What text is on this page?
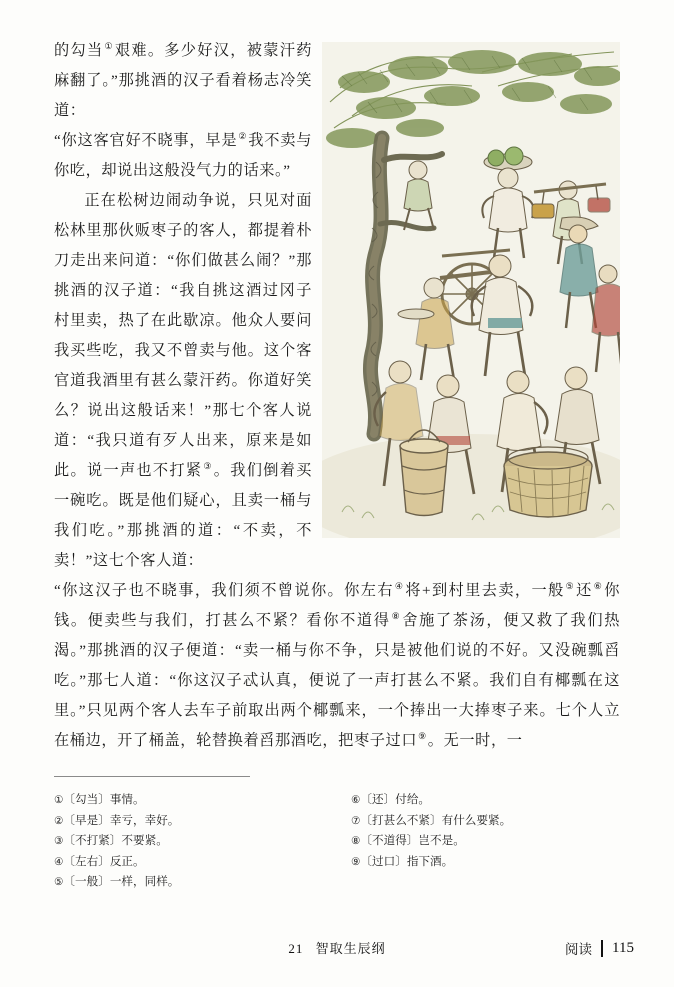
的勾当①艰难。多少好汉，被蒙汗药麻翻了。”那挑酒的汉子看着杨志冷笑道：

“你这客官好不晓事，早是②我不卖与你吃，却说出这般没气力的话来。”

正在松树边闹动争说，只见对面松林里那伙贩枣子的客人，都提着朴刀走出来问道：“你们做甚么闹？”那挑酒的汉子道：“我自挑这酒过冈子村里卖，热了在此歇凉。他众人要问我买些吃，我又不曾卖与他。这个客官道我酒里有甚么蒙汗药。你道好笑么？说出这般话来！”那七个客人说道：“我只道有歹人出来，原来是如此。说一声也不打紧③。我们倒着买一碗吃。既是他们疑心，且卖一桶与我们吃。”那挑酒的道：“不卖，不卖！”这七个客人道：

“你这汉子也不晓事，我们须不曾说你。你左右④将+到村里去卖，一般⑤还⑥你钱。便卖些与我们，打甚么不紧？看你不道得⑧舍施了茶汤，便又救了我们热渴。”那挑酒的汉子便道：“卖一桶与你不争，只是被他们说的不好。又没碗瓢舀吃。”那七人道：“你这汉子忒认真，便说了一声打甚么不紧。我们自有椰瓢在这里。”只见两个客人去车子前取出两个椰瓢来，一个捧出一大捧枣子来。七个人立在桶边，开了桶盖，轮替换着舀那酒吃，把枣子过口⑨。无一时，一

①〔勾当〕事情。
②〔早是〕幸亏，幸好。
③〔不打紧〕不要紧。
④〔左右〕反正。
⑤〔一般〕一样，同样。
⑥〔还〕付给。
⑦〔打甚么不紧〕有什么要紧。
⑧〔不道得〕岂不是。
⑨〔过口〕指下酒。
21 智取生辰纲	阅读 115
